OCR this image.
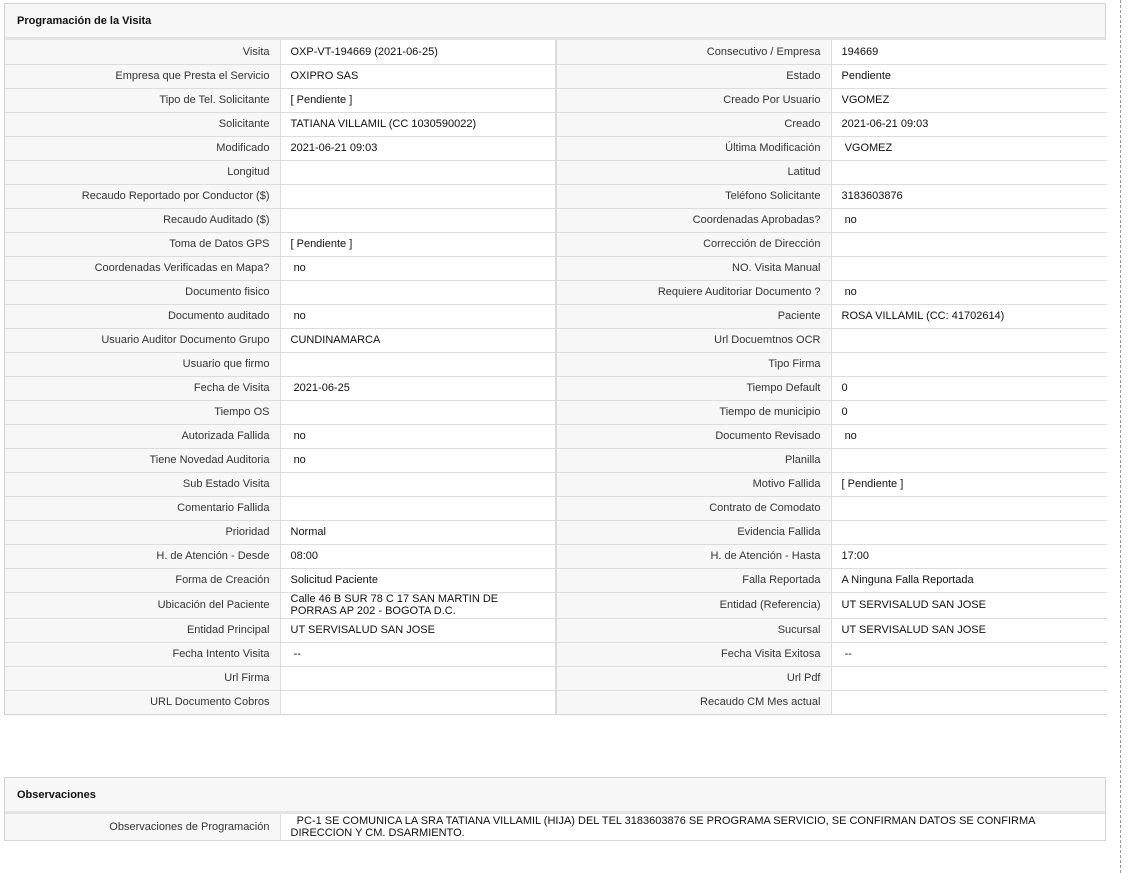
Programación de la Visita
Visita	OXP-VT-194669 (2021-06-25)	Consecutivo / Empresa	194669
Empresa que Presta el Servicio	OXIPRO SAS	Estado	Pendiente
Tipo de Tel. Solicitante	[ Pendiente ]	Creado Por Usuario	VGOMEZ
Solicitante	TATIANA VILLAMIL (CC 1030590022)	Creado	2021-06-21 09:03
Modificado	2021-06-21 09:03	Última Modificación	VGOMEZ
Longitud		Latitud	
Recaudo Reportado por Conductor ($)		Teléfono Solicitante	3183603876
Recaudo Auditado ($)		Coordenadas Aprobadas?	no
Toma de Datos GPS	[ Pendiente ]	Corrección de Dirección	
Coordenadas Verificadas en Mapa?	no	NO. Visita Manual	
Documento fisico		Requiere Auditoriar Documento ?	no
Documento auditado	no	Paciente	ROSA VILLAMIL (CC: 41702614)
Usuario Auditor Documento Grupo	CUNDINAMARCA	Url Docuemtnos OCR	
Usuario que firmo		Tipo Firma	
Fecha de Visita	2021-06-25	Tiempo Default	0
Tiempo OS		Tiempo de municipio	0
Autorizada Fallida	no	Documento Revisado	no
Tiene Novedad Auditoria	no	Planilla	
Sub Estado Visita		Motivo Fallida	[ Pendiente ]
Comentario Fallida		Contrato de Comodato	
Prioridad	Normal	Evidencia Fallida	
H. de Atención - Desde	08:00	H. de Atención - Hasta	17:00
Forma de Creación	Solicitud Paciente	Falla Reportada	A Ninguna Falla Reportada
Ubicación del Paciente	Calle 46 B SUR 78 C 17 SAN MARTIN DE PORRAS AP 202 - BOGOTA D.C.	Entidad (Referencia)	UT SERVISALUD SAN JOSE
Entidad Principal	UT SERVISALUD SAN JOSE	Sucursal	UT SERVISALUD SAN JOSE
Fecha Intento Visita	--	Fecha Visita Exitosa	--
Url Firma		Url Pdf	
URL Documento Cobros		Recaudo CM Mes actual	
Observaciones
Observaciones de Programación	PC-1 SE COMUNICA LA SRA TATIANA VILLAMIL (HIJA) DEL TEL 3183603876 SE PROGRAMA SERVICIO, SE CONFIRMAN DATOS SE CONFIRMA DIRECCION Y CM. DSARMIENTO.
